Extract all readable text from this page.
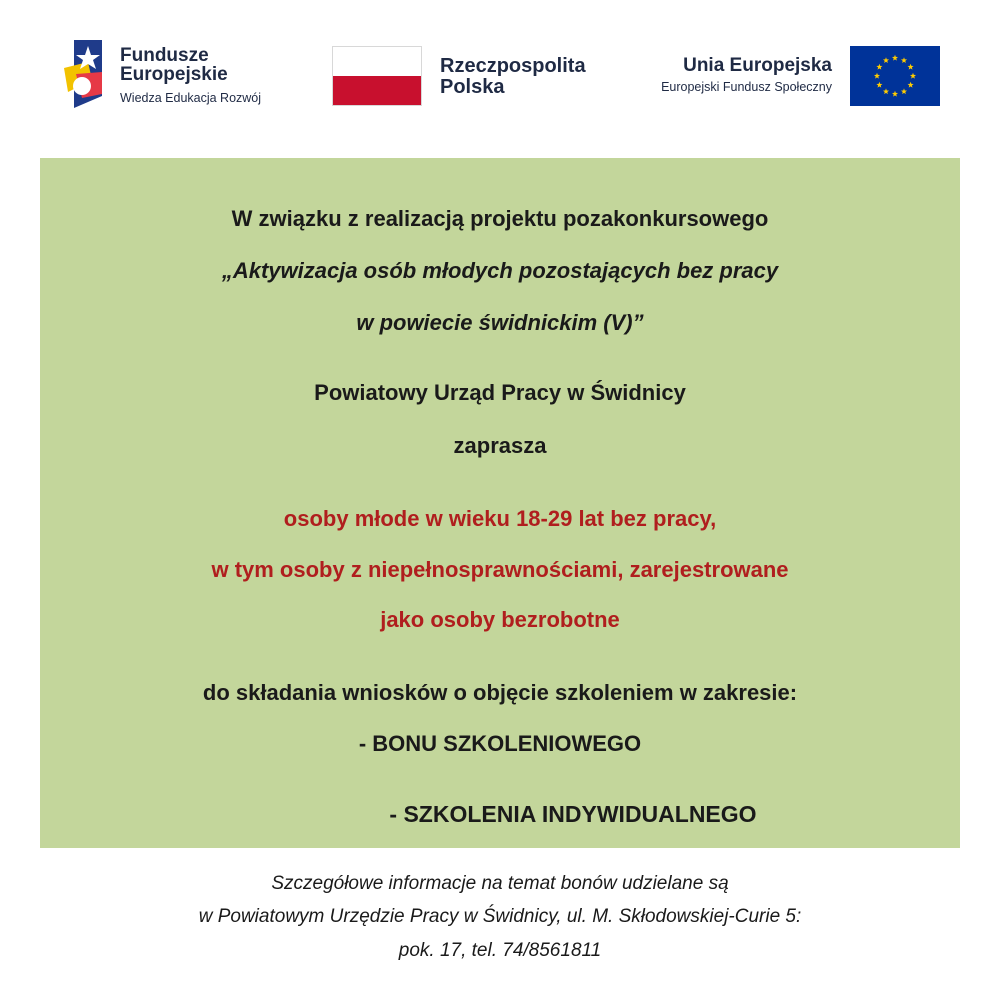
Fundusze
Europejskie
Wiedza Edukacja Rozwój
Rzeczpospolita
Polska
Unia Europejska
Europejski Fundusz Społeczny
W związku z realizacją projektu pozakonkursowego
„Aktywizacja osób młodych pozostających bez pracy
w powiecie świdnickim (V)”
Powiatowy Urząd Pracy w Świdnicy
zaprasza
osoby młode w wieku 18-29 lat bez pracy,
w tym osoby z niepełnosprawnościami, zarejestrowane
jako osoby bezrobotne
do składania wniosków o objęcie szkoleniem w zakresie:
- BONU SZKOLENIOWEGO
- SZKOLENIA INDYWIDUALNEGO
Szczegółowe informacje na temat bonów udzielane są
w Powiatowym Urzędzie Pracy w Świdnicy, ul. M. Skłodowskiej-Curie 5:
pok. 17, tel. 74/8561811
